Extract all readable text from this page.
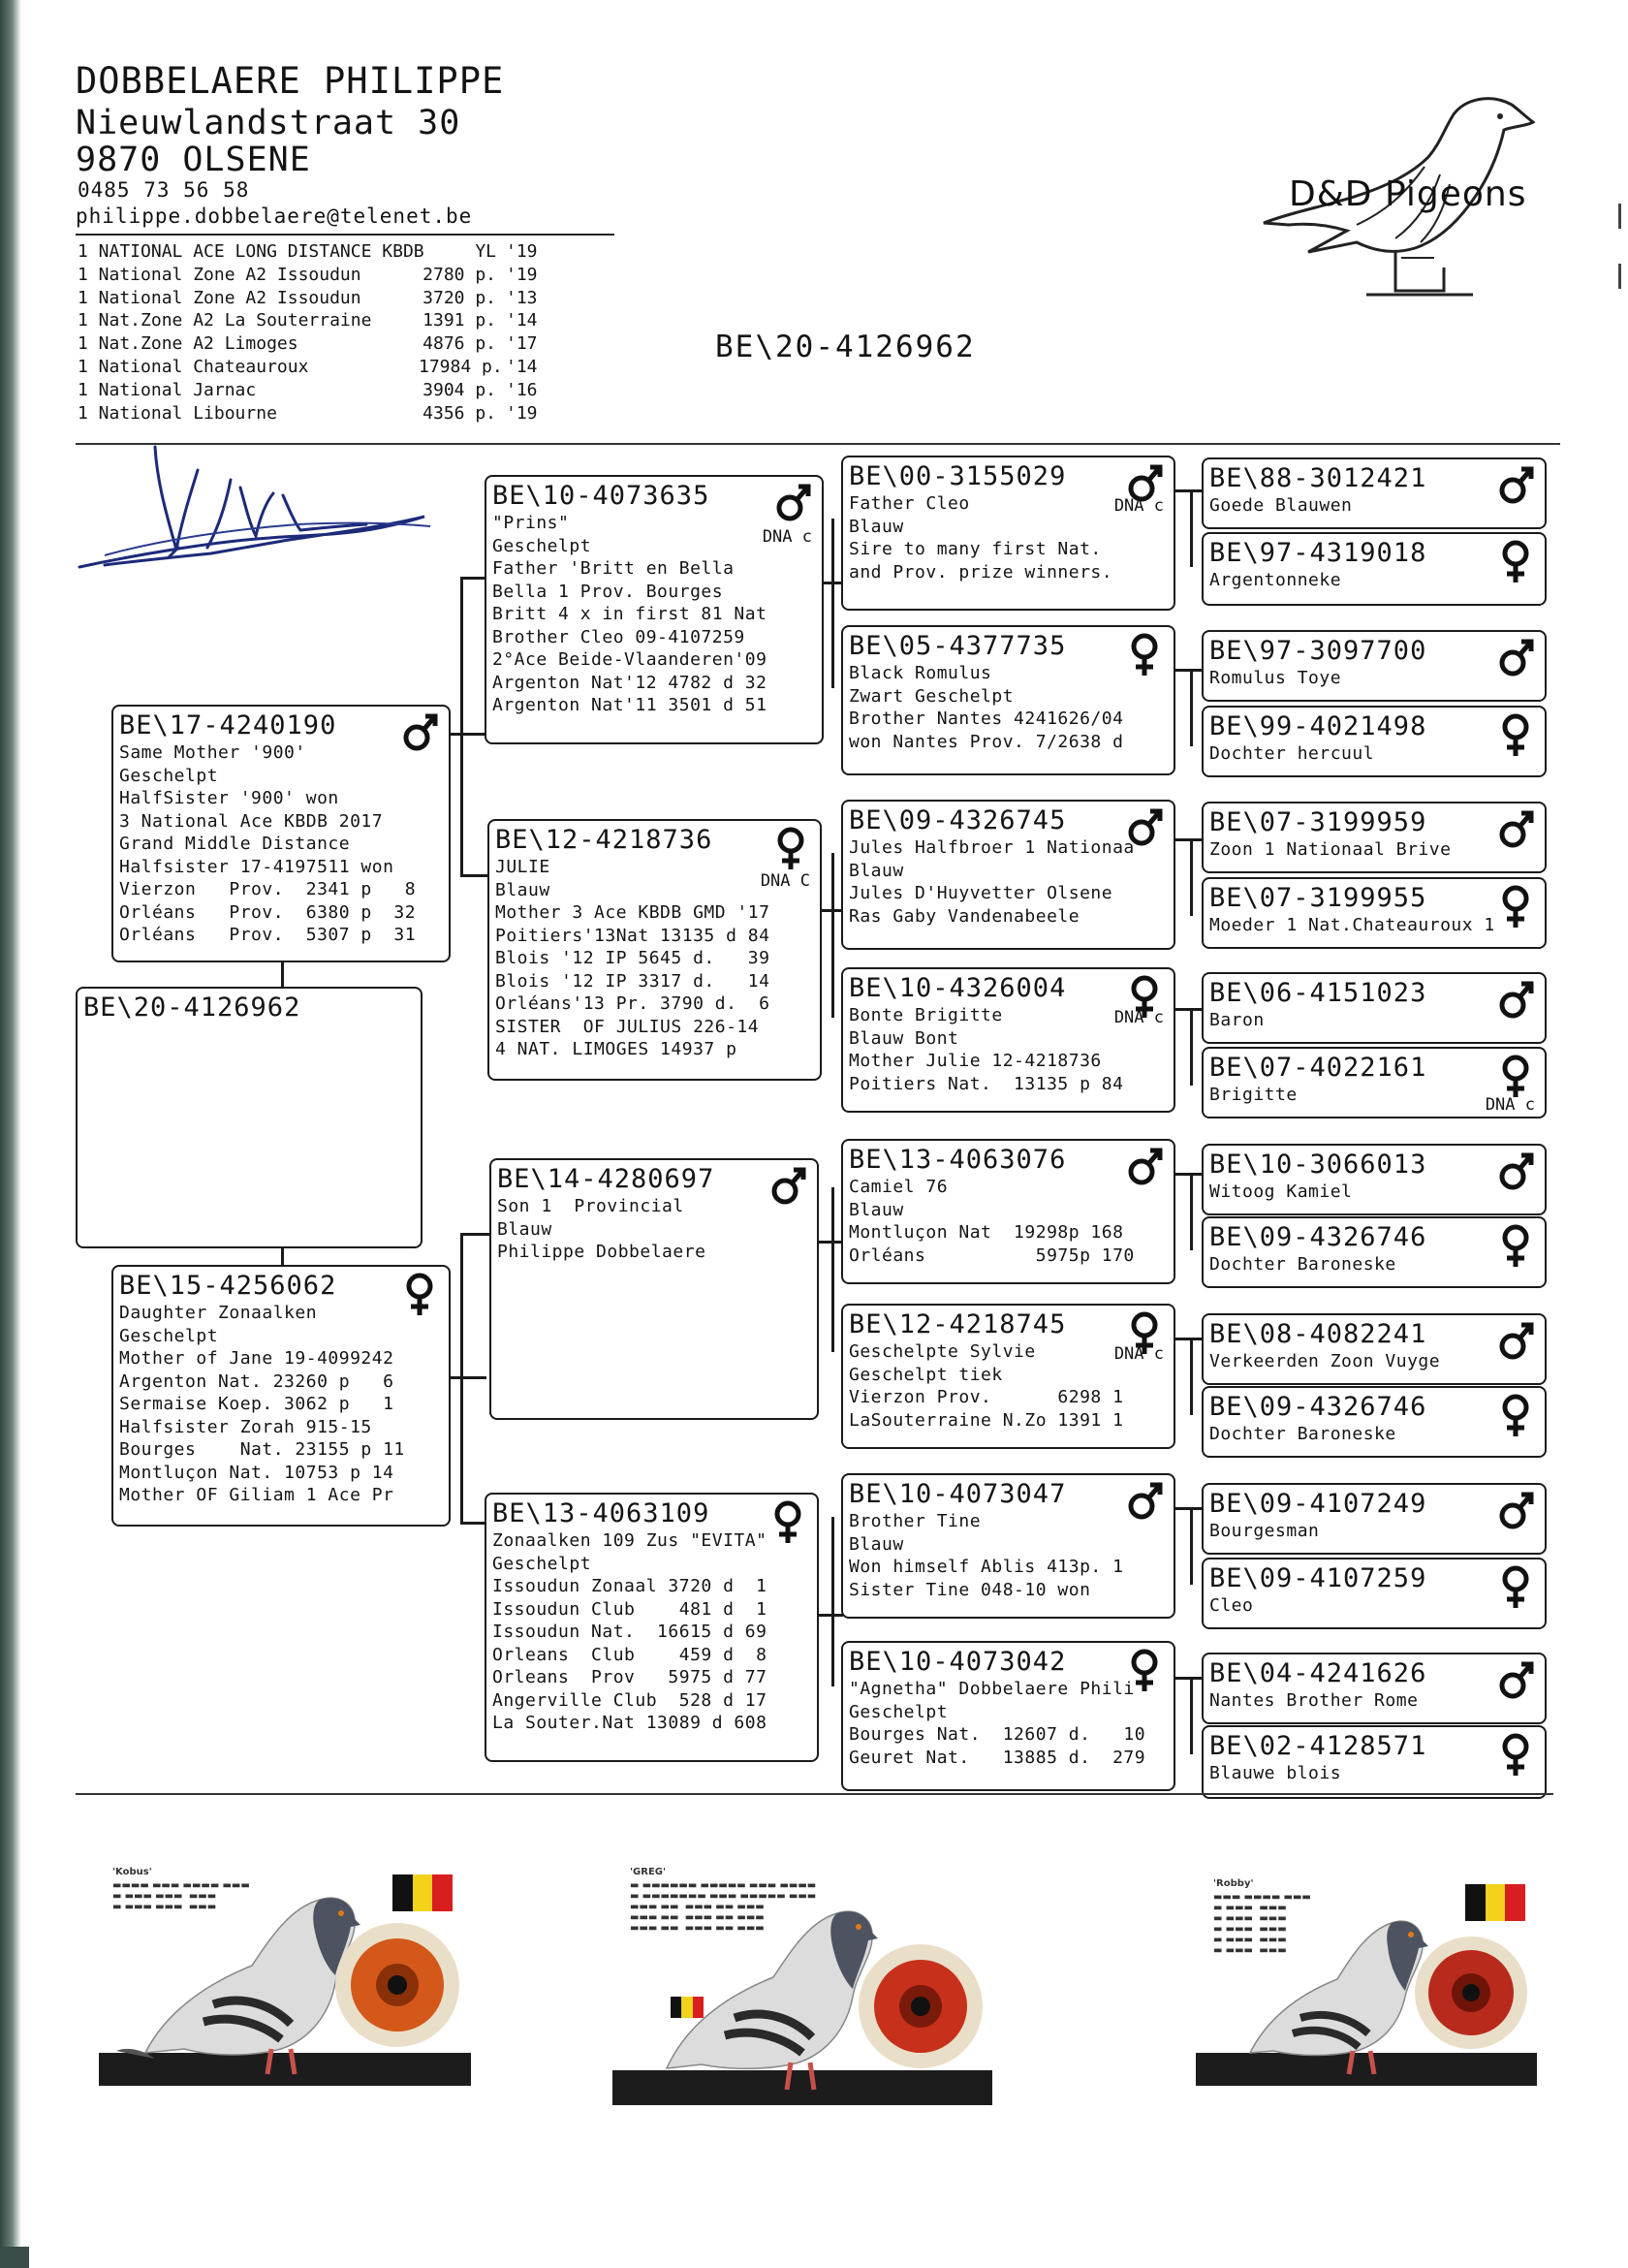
DOBBELAERE PHILIPPE
Nieuwlandstraat 30
9870 OLSENE
0485 73 56 58
philippe.dobbelaere@telenet.be
1 NATIONAL ACE LONG DISTANCE KBDB	YL '19
1 National Zone A2 Issoudun	2780 p. '19
1 National Zone A2 Issoudun	3720 p. '13
1 Nat.Zone A2 La Souterraine	1391 p. '14
1 Nat.Zone A2 Limoges	4876 p. '17
1 National Chateauroux	17984 p. '14
1 National Jarnac	3904 p. '16
1 National Libourne	4356 p. '19
BE\20-4126962
D&D Pigeons
BE\20-4126962
BE\17-4240190
Same Mother '900'
Geschelpt
HalfSister '900' won
3 National Ace KBDB 2017
Grand Middle Distance
Halfsister 17-4197511 won
Vierzon   Prov.  2341 p   8
Orléans   Prov.  6380 p  32
Orléans   Prov.  5307 p  31
BE\15-4256062
Daughter Zonaalken
Geschelpt
Mother of Jane 19-4099242
Argenton Nat. 23260 p   6
Sermaise Koep. 3062 p   1
Halfsister Zorah 915-15
Bourges    Nat. 23155 p 11
Montluçon Nat. 10753 p 14
Mother OF Giliam 1 Ace Pr
BE\10-4073635
DNA c
"Prins"
Geschelpt
Father 'Britt en Bella
Bella 1 Prov. Bourges
Britt 4 x in first 81 Nat
Brother Cleo 09-4107259
2°Ace Beide-Vlaanderen'09
Argenton Nat'12 4782 d 32
Argenton Nat'11 3501 d 51
BE\12-4218736
DNA C
JULIE
Blauw
Mother 3 Ace KBDB GMD '17
Poitiers'13Nat 13135 d 84
Blois '12 IP 5645 d.   39
Blois '12 IP 3317 d.   14
Orléans'13 Pr. 3790 d.  6
SISTER  OF JULIUS 226-14
4 NAT. LIMOGES 14937 p
BE\14-4280697
Son 1  Provincial
Blauw
Philippe Dobbelaere
BE\13-4063109
Zonaalken 109 Zus "EVITA"
Geschelpt
Issoudun Zonaal 3720 d  1
Issoudun Club    481 d  1
Issoudun Nat.  16615 d 69
Orleans  Club    459 d  8
Orleans  Prov   5975 d 77
Angerville Club  528 d 17
La Souter.Nat 13089 d 608
BE\00-3155029
DNA c
Father Cleo
Blauw
Sire to many first Nat.
and Prov. prize winners.
BE\05-4377735
Black Romulus
Zwart Geschelpt
Brother Nantes 4241626/04
won Nantes Prov. 7/2638 d
BE\09-4326745
Jules Halfbroer 1 Nationaa
Blauw
Jules D'Huyvetter Olsene
Ras Gaby Vandenabeele
BE\10-4326004
DNA c
Bonte Brigitte
Blauw Bont
Mother Julie 12-4218736
Poitiers Nat.  13135 p 84
BE\13-4063076
Camiel 76
Blauw
Montluçon Nat  19298p 168
Orléans          5975p 170
BE\12-4218745
DNA c
Geschelpte Sylvie
Geschelpt tiek
Vierzon Prov.      6298 1
LaSouterraine N.Zo 1391 1
BE\10-4073047
Brother Tine
Blauw
Won himself Ablis 413p. 1
Sister Tine 048-10 won
BE\10-4073042
"Agnetha" Dobbelaere Phili
Geschelpt
Bourges Nat.  12607 d.   10
Geuret Nat.   13885 d.  279
BE\88-3012421
Goede Blauwen
BE\97-4319018
Argentonneke
BE\97-3097700
Romulus Toye
BE\99-4021498
Dochter hercuul
BE\07-3199959
Zoon 1 Nationaal Brive
BE\07-3199955
Moeder 1 Nat.Chateauroux 1
BE\06-4151023
Baron
BE\07-4022161
Brigitte	DNA c
BE\10-3066013
Witoog Kamiel
BE\09-4326746
Dochter Baroneske
BE\08-4082241
Verkeerden Zoon Vuyge
BE\09-4326746
Dochter Baroneske
BE\09-4107249
Bourgesman
BE\09-4107259
Cleo
BE\04-4241626
Nantes Brother Rome
BE\02-4128571
Blauwe blois
'Kobus'
▬▬▬▬ ▬▬▬ ▬▬▬▬ ▬▬▬
▬ ▬▬▬ ▬▬▬  ▬▬▬
▬ ▬▬▬ ▬▬▬  ▬▬▬
'GREG'
▬ ▬▬▬▬▬▬ ▬▬▬▬▬ ▬▬▬ ▬▬▬▬
▬ ▬▬▬▬▬▬▬ ▬▬▬ ▬▬▬▬▬ ▬▬▬
▬▬▬ ▬▬  ▬▬▬ ▬▬ ▬▬▬
▬▬▬ ▬▬  ▬▬▬ ▬▬ ▬▬▬
▬▬▬ ▬▬  ▬▬▬ ▬▬ ▬▬▬
'Robby'
▬▬▬ ▬▬▬▬ ▬▬▬
▬ ▬▬▬  ▬▬▬
▬ ▬▬▬  ▬▬▬
▬ ▬▬▬  ▬▬▬
▬ ▬▬▬  ▬▬▬
▬ ▬▬▬  ▬▬▬
